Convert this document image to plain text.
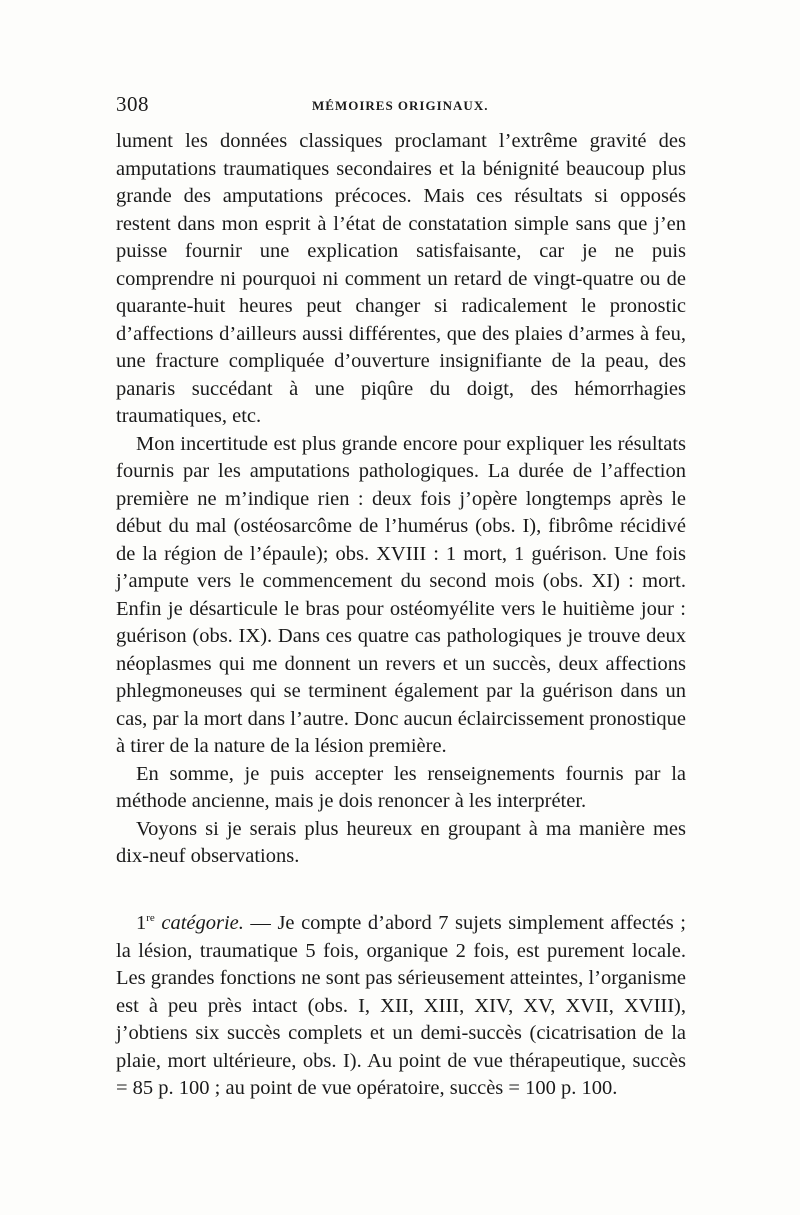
308	MÉMOIRES ORIGINAUX.

lument les données classiques proclamant l’extrême gravité des amputations traumatiques secondaires et la bénignité beaucoup plus grande des amputations précoces. Mais ces résultats si opposés restent dans mon esprit à l’état de constatation simple sans que j’en puisse fournir une explication satisfaisante, car je ne puis comprendre ni pourquoi ni comment un retard de vingt-quatre ou de quarante-huit heures peut changer si radicalement le pronostic d’affections d’ailleurs aussi différentes, que des plaies d’armes à feu, une fracture compliquée d’ouverture insignifiante de la peau, des panaris succédant à une piqûre du doigt, des hémorrhagies traumatiques, etc.

Mon incertitude est plus grande encore pour expliquer les résultats fournis par les amputations pathologiques. La durée de l’affection première ne m’indique rien : deux fois j’opère longtemps après le début du mal (ostéosarcôme de l’humérus (obs. I), fibrôme récidivé de la région de l’épaule); obs. XVIII : 1 mort, 1 guérison. Une fois j’ampute vers le commencement du second mois (obs. XI) : mort. Enfin je désarticule le bras pour ostéomyélite vers le huitième jour : guérison (obs. IX). Dans ces quatre cas pathologiques je trouve deux néoplasmes qui me donnent un revers et un succès, deux affections phlegmoneuses qui se terminent également par la guérison dans un cas, par la mort dans l’autre. Donc aucun éclaircissement pronostique à tirer de la nature de la lésion première.

En somme, je puis accepter les renseignements fournis par la méthode ancienne, mais je dois renoncer à les interpréter.

Voyons si je serais plus heureux en groupant à ma manière mes dix-neuf observations.

1re catégorie. — Je compte d’abord 7 sujets simplement affectés ; la lésion, traumatique 5 fois, organique 2 fois, est purement locale. Les grandes fonctions ne sont pas sérieusement atteintes, l’organisme est à peu près intact (obs. I, XII, XIII, XIV, XV, XVII, XVIII), j’obtiens six succès complets et un demi-succès (cicatrisation de la plaie, mort ultérieure, obs. I). Au point de vue thérapeutique, succès = 85 p. 100 ; au point de vue opératoire, succès = 100 p. 100.
